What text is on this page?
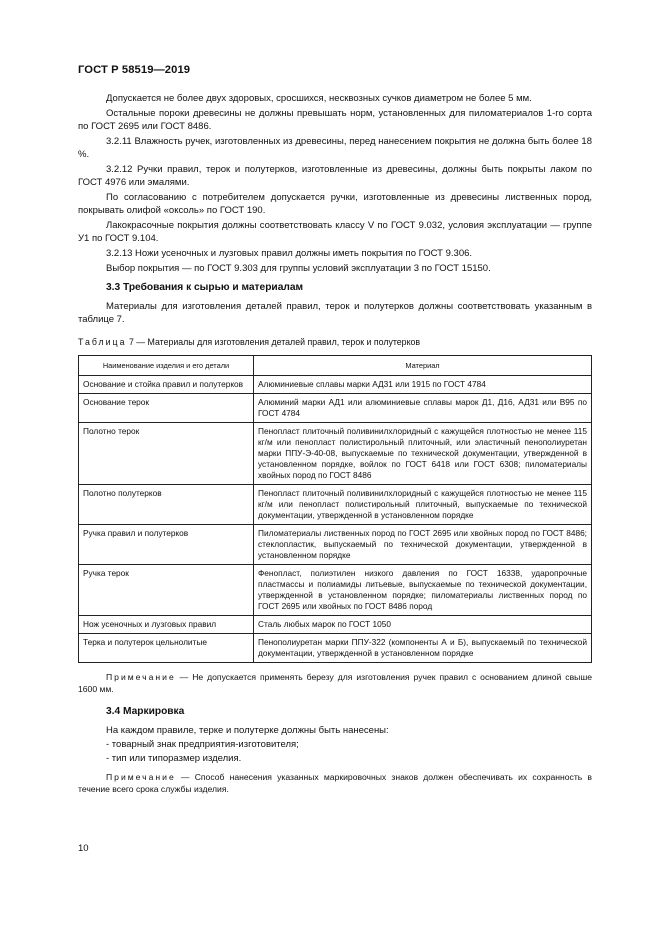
ГОСТ Р 58519—2019

Допускается не более двух здоровых, сросшихся, несквозных сучков диаметром не более 5 мм.

Остальные пороки древесины не должны превышать норм, установленных для пиломатериалов 1-го сорта по ГОСТ 2695 или ГОСТ 8486.

3.2.11 Влажность ручек, изготовленных из древесины, перед нанесением покрытия не должна быть более 18 %.

3.2.12 Ручки правил, терок и полутерков, изготовленные из древесины, должны быть покрыты лаком по ГОСТ 4976 или эмалями.

По согласованию с потребителем допускается ручки, изготовленные из древесины лиственных пород, покрывать олифой «оксоль» по ГОСТ 190.

Лакокрасочные покрытия должны соответствовать классу V по ГОСТ 9.032, условия эксплуатации — группе У1 по ГОСТ 9.104.

3.2.13 Ножи усеночных и лузговых правил должны иметь покрытия по ГОСТ 9.306.

Выбор покрытия — по ГОСТ 9.303 для группы условий эксплуатации 3 по ГОСТ 15150.

3.3 Требования к сырью и материалам

Материалы для изготовления деталей правил, терок и полутерков должны соответствовать указанным в таблице 7.

Таблица 7 — Материалы для изготовления деталей правил, терок и полутерков
Наименование изделия и его детали	Материал
Основание и стойка правил и полутерков	Алюминиевые сплавы марки АД31 или 1915 по ГОСТ 4784
Основание терок	Алюминий марки АД1 или алюминиевые сплавы марок Д1, Д16, АД31 или В95 по ГОСТ 4784
Полотно терок	Пенопласт плиточный поливинилхлоридный с кажущейся плотностью не менее 115 кг/м или пенопласт полистирольный плиточный, или эластичный пенополиуретан марки ППУ-Э-40-08, выпускаемые по технической документации, утвержденной в установленном порядке, войлок по ГОСТ 6418 или ГОСТ 6308; пиломатериалы хвойных пород по ГОСТ 8486
Полотно полутерков	Пенопласт плиточный поливинилхлоридный с кажущейся плотностью не менее 115 кг/м или пенопласт полистирольный плиточный, выпускаемые по технической документации, утвержденной в установленном порядке
Ручка правил и полутерков	Пиломатериалы лиственных пород по ГОСТ 2695 или хвойных пород по ГОСТ 8486; стеклопластик, выпускаемый по технической документации, утвержденной в установленном порядке
Ручка терок	Фенопласт, полиэтилен низкого давления по ГОСТ 16338, ударопрочные пластмассы и полиамиды литьевые, выпускаемые по технической документации, утвержденной в установленном порядке; пиломатериалы лиственных пород по ГОСТ 2695 или хвойных по ГОСТ 8486 пород
Нож усеночных и лузговых правил	Сталь любых марок по ГОСТ 1050
Терка и полутерок цельнолитые	Пенополиуретан марки ППУ-322 (компоненты А и Б), выпускаемый по технической документации, утвержденной в установленном порядке

Примечание — Не допускается применять березу для изготовления ручек правил с основанием длиной свыше 1600 мм.

3.4 Маркировка

На каждом правиле, терке и полутерке должны быть нанесены:

- товарный знак предприятия-изготовителя;

- тип или типоразмер изделия.

Примечание — Способ нанесения указанных маркировочных знаков должен обеспечивать их сохранность в течение всего срока службы изделия.

10
